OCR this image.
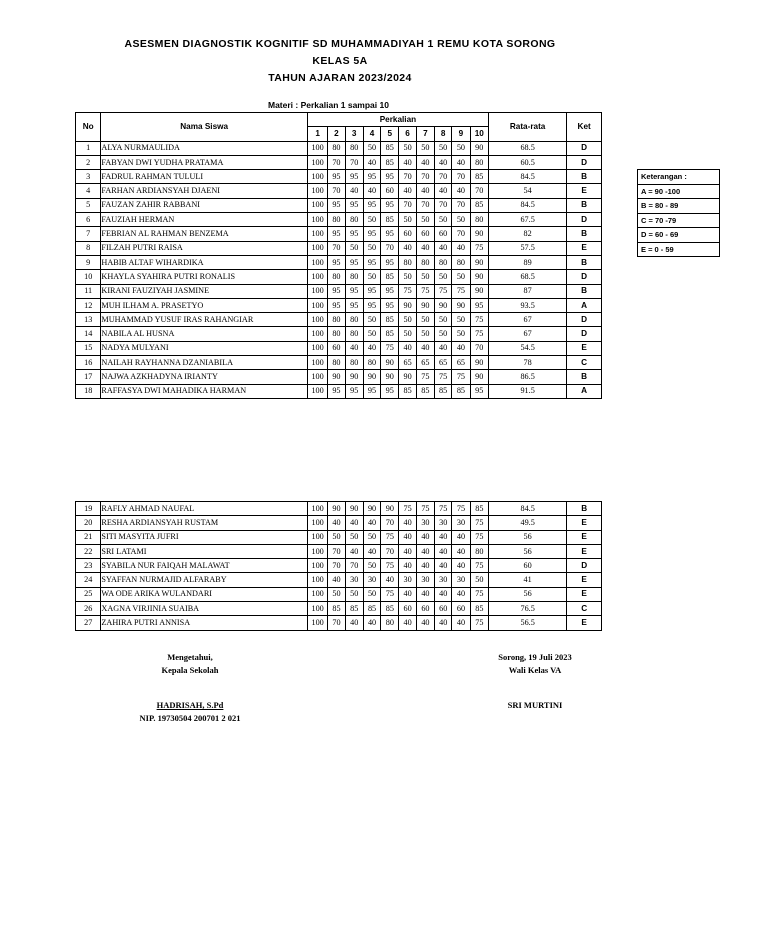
ASESMEN DIAGNOSTIK KOGNITIF SD MUHAMMADIYAH 1 REMU KOTA SORONG
KELAS 5A
TAHUN AJARAN 2023/2024
Materi : Perkalian 1 sampai 10
No	Nama Siswa	Perkalian										Rata-rata	Ket
		1	2	3	4	5	6	7	8	9	10		
1	ALYA NURMAULIDA	100	80	80	50	85	50	50	50	50	90	68.5	D
2	FABYAN DWI YUDHA PRATAMA	100	70	70	40	85	40	40	40	40	80	60.5	D
3	FADRUL RAHMAN TULULI	100	95	95	95	95	70	70	70	70	85	84.5	B
4	FARHAN ARDIANSYAH DJAENI	100	70	40	40	60	40	40	40	40	70	54	E
5	FAUZAN ZAHIR RABBANI	100	95	95	95	95	70	70	70	70	85	84.5	B
6	FAUZIAH HERMAN	100	80	80	50	85	50	50	50	50	80	67.5	D
7	FEBRIAN AL RAHMAN BENZEMA	100	95	95	95	95	60	60	60	70	90	82	B
8	FILZAH PUTRI RAISA	100	70	50	50	70	40	40	40	40	75	57.5	E
9	HABIB ALTAF WIHARDIKA	100	95	95	95	95	80	80	80	80	90	89	B
10	KHAYLA SYAHIRA PUTRI RONALIS	100	80	80	50	85	50	50	50	50	90	68.5	D
11	KIRANI FAUZIYAH JASMINE	100	95	95	95	95	75	75	75	75	90	87	B
12	MUH ILHAM A. PRASETYO	100	95	95	95	95	90	90	90	90	95	93.5	A
13	MUHAMMAD YUSUF IRAS RAHANGIAR	100	80	80	50	85	50	50	50	50	75	67	D
14	NABILA AL HUSNA	100	80	80	50	85	50	50	50	50	75	67	D
15	NADYA MULYANI	100	60	40	40	75	40	40	40	40	70	54.5	E
16	NAILAH RAYHANNA DZANIABILA	100	80	80	80	90	65	65	65	65	90	78	C
17	NAJWA AZKHADYNA IRIANTY	100	90	90	90	90	90	75	75	75	90	86.5	B
18	RAFFASYA DWI MAHADIKA HARMAN	100	95	95	95	95	85	85	85	85	95	91.5	A
19	RAFLY AHMAD NAUFAL	100	90	90	90	90	75	75	75	75	85	84.5	B
20	RESHA ARDIANSYAH RUSTAM	100	40	40	40	70	40	30	30	30	75	49.5	E
21	SITI MASYITA JUFRI	100	50	50	50	75	40	40	40	40	75	56	E
22	SRI LATAMI	100	70	40	40	70	40	40	40	40	80	56	E
23	SYABILA NUR FAIQAH MALAWAT	100	70	70	50	75	40	40	40	40	75	60	D
24	SYAFFAN NURMAJID ALFARABY	100	40	30	30	40	30	30	30	30	50	41	E
25	WA ODE ARIKA WULANDARI	100	50	50	50	75	40	40	40	40	75	56	E
26	XAGNA VIRJINIA SUAIBA	100	85	85	85	85	60	60	60	60	85	76.5	C
27	ZAHIRA PUTRI ANNISA	100	70	40	40	80	40	40	40	40	75	56.5	E
Keterangan :
A = 90 -100
B = 80 - 89
C = 70 -79
D = 60 - 69
E = 0 - 59
Mengetahui,
Kepala Sekolah
HADRISAH, S.Pd
NIP. 19730504 200701 2 021
Sorong, 19 Juli 2023
Wali Kelas VA
SRI MURTINI
